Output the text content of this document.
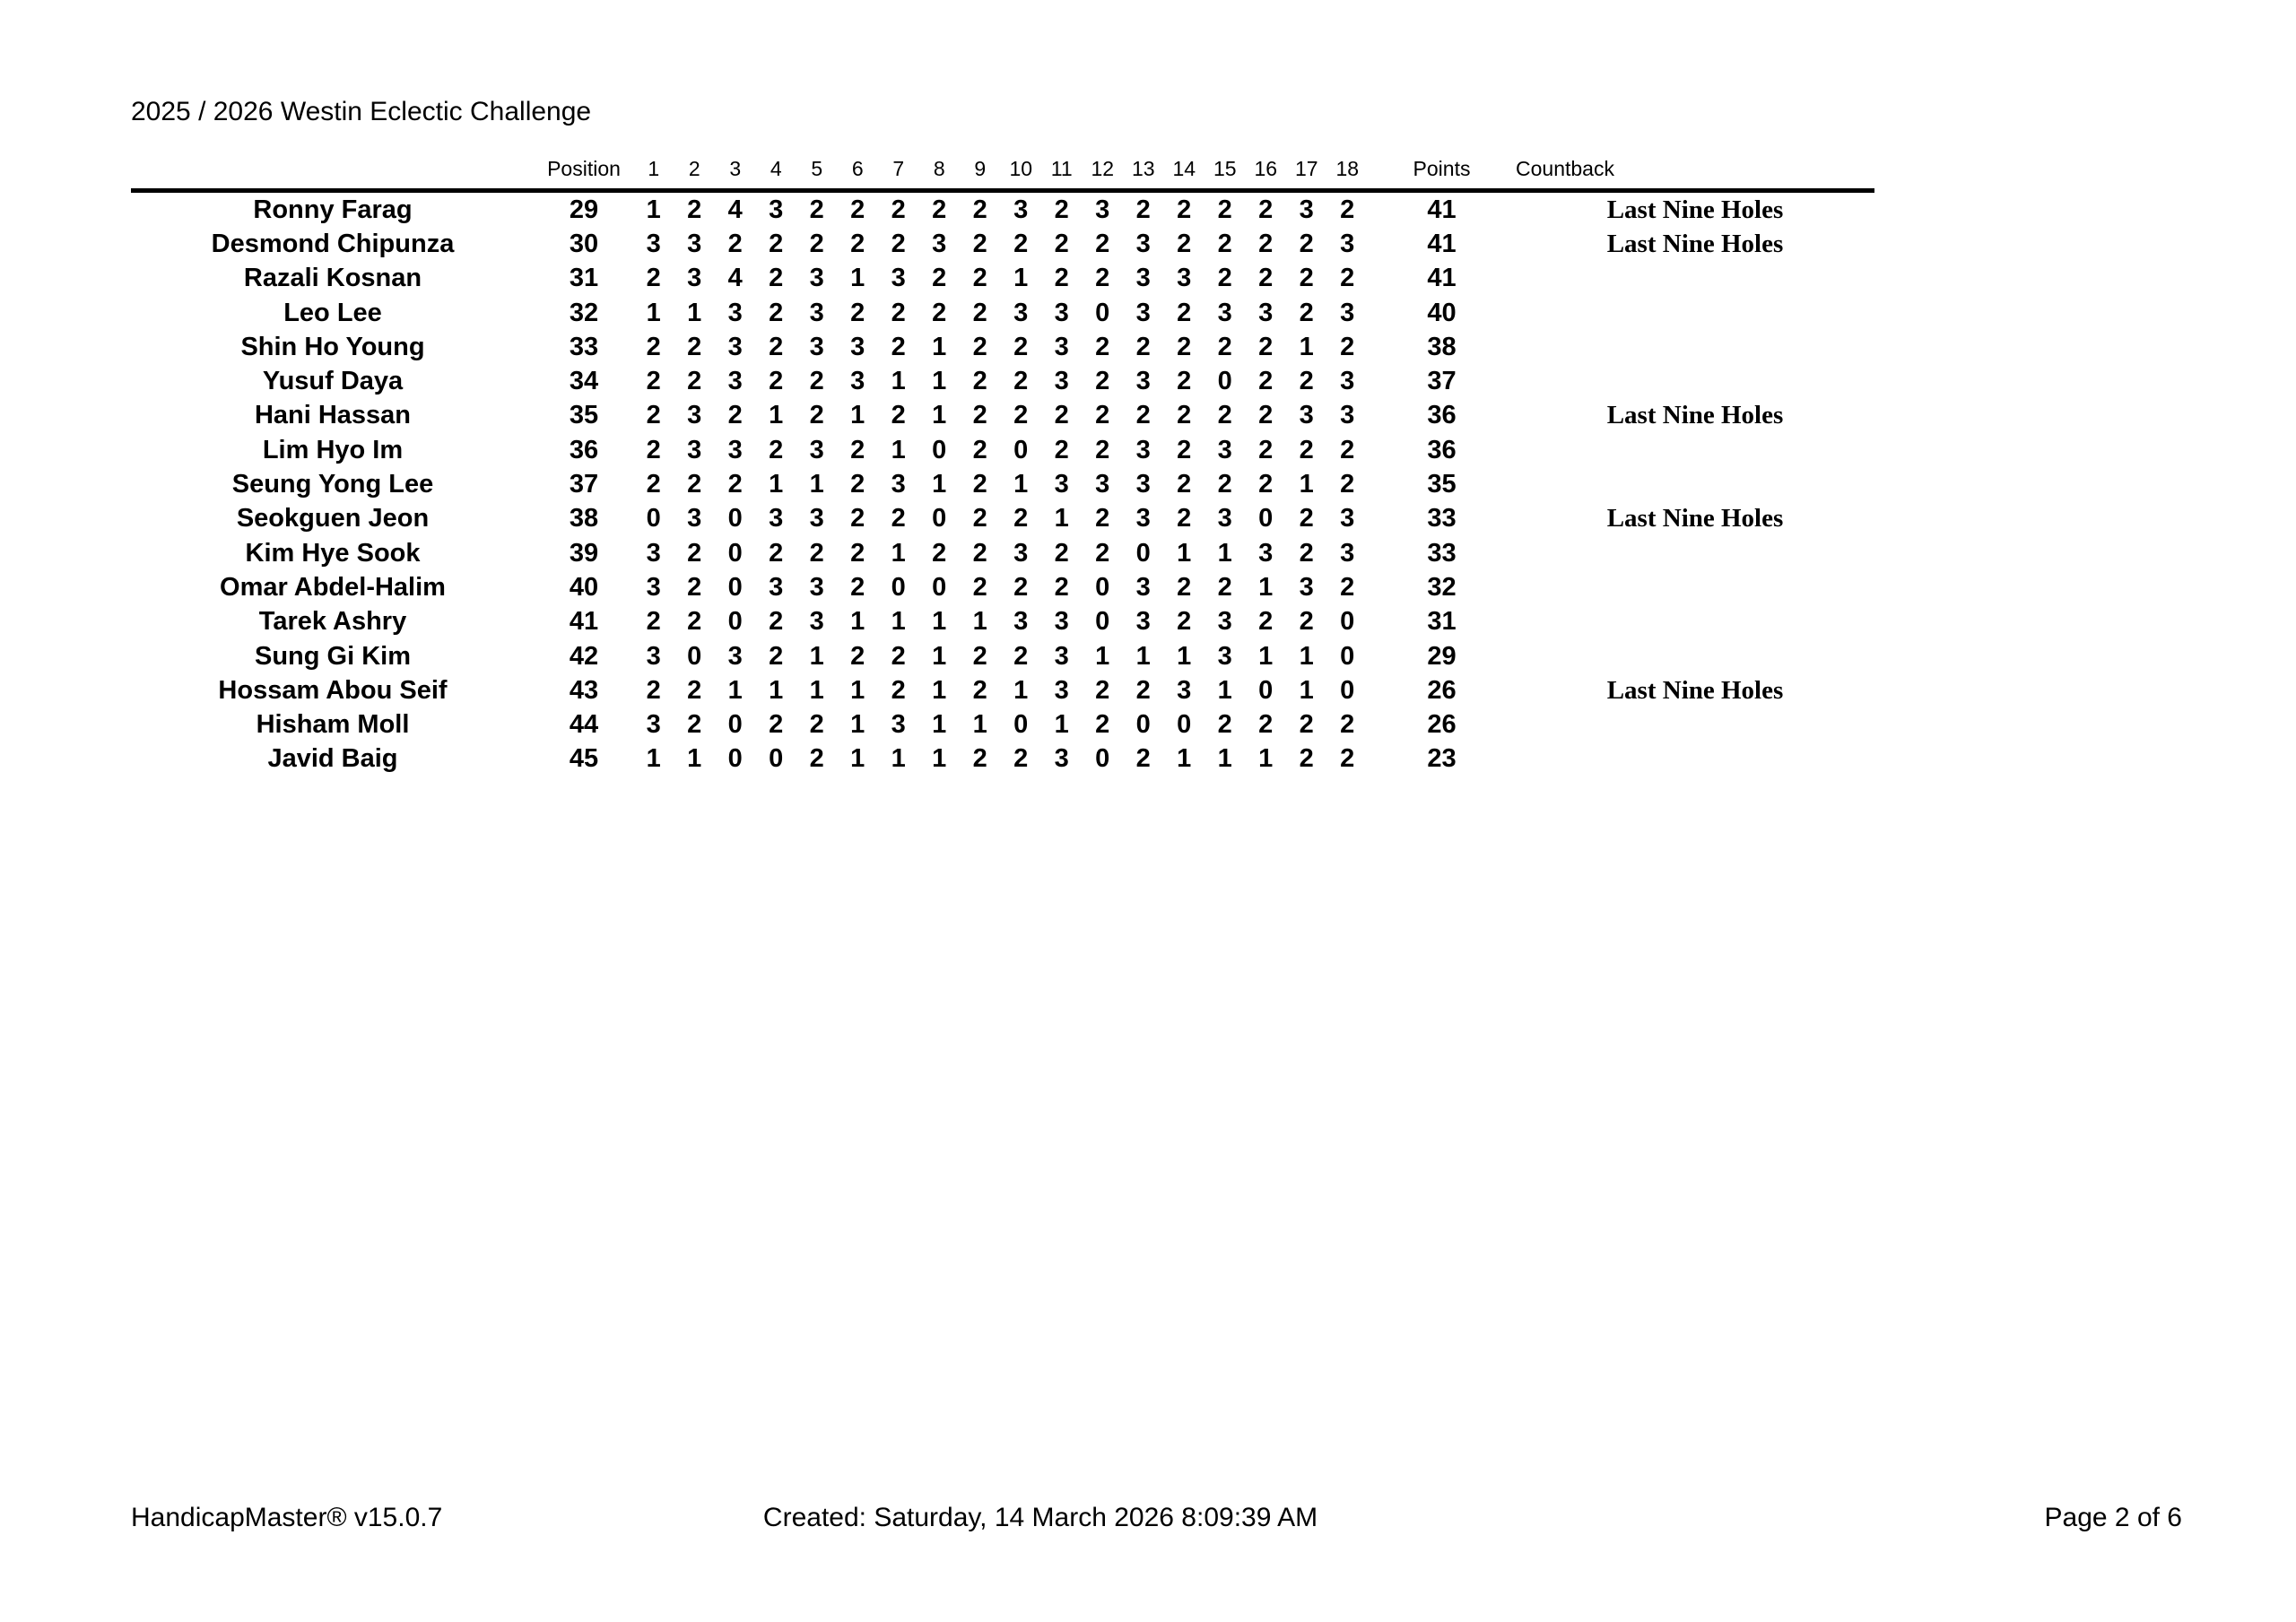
2025 / 2026 Westin Eclectic Challenge
	Position	1	2	3	4	5	6	7	8	9	10	11	12	13	14	15	16	17	18	Points	Countback
Ronny Farag	29	1	2	4	3	2	2	2	2	2	3	2	3	2	2	2	2	3	2	41	Last Nine Holes
Desmond Chipunza	30	3	3	2	2	2	2	2	3	2	2	2	2	3	2	2	2	2	3	41	Last Nine Holes
Razali Kosnan	31	2	3	4	2	3	1	3	2	2	1	2	2	3	3	2	2	2	2	41	
Leo Lee	32	1	1	3	2	3	2	2	2	2	3	3	0	3	2	3	3	2	3	40	
Shin Ho Young	33	2	2	3	2	3	3	2	1	2	2	3	2	2	2	2	2	1	2	38	
Yusuf Daya	34	2	2	3	2	2	3	1	1	2	2	3	2	3	2	0	2	2	3	37	
Hani Hassan	35	2	3	2	1	2	1	2	1	2	2	2	2	2	2	2	2	3	3	36	Last Nine Holes
Lim Hyo Im	36	2	3	3	2	3	2	1	0	2	0	2	2	3	2	3	2	2	2	36	
Seung Yong Lee	37	2	2	2	1	1	2	3	1	2	1	3	3	3	2	2	2	1	2	35	
Seokguen Jeon	38	0	3	0	3	3	2	2	0	2	2	1	2	3	2	3	0	2	3	33	Last Nine Holes
Kim Hye Sook	39	3	2	0	2	2	2	1	2	2	3	2	2	0	1	1	3	2	3	33	
Omar Abdel-Halim	40	3	2	0	3	3	2	0	0	2	2	2	0	3	2	2	1	3	2	32	
Tarek Ashry	41	2	2	0	2	3	1	1	1	1	3	3	0	3	2	3	2	2	0	31	
Sung Gi Kim	42	3	0	3	2	1	2	2	1	2	2	3	1	1	1	3	1	1	0	29	
Hossam Abou Seif	43	2	2	1	1	1	1	2	1	2	1	3	2	2	3	1	0	1	0	26	Last Nine Holes
Hisham Moll	44	3	2	0	2	2	1	3	1	1	0	1	2	0	0	2	2	2	2	26	
Javid Baig	45	1	1	0	0	2	1	1	1	2	2	3	0	2	1	1	1	2	2	23	
HandicapMaster® v15.0.7	Created: Saturday, 14 March 2026 8:09:39 AM	Page 2 of 6
